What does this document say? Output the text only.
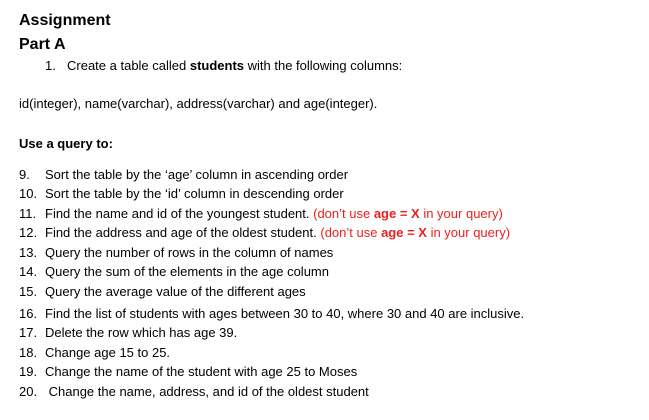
Assignment
Part A
1. Create a table called students with the following columns:
id(integer), name(varchar), address(varchar) and age(integer).
Use a query to:
9. Sort the table by the ‘age’ column in ascending order
10. Sort the table by the ‘id’ column in descending order
11. Find the name and id of the youngest student. (don’t use age = X in your query)
12. Find the address and age of the oldest student. (don’t use age = X in your query)
13. Query the number of rows in the column of names
14. Query the sum of the elements in the age column
15. Query the average value of the different ages
16. Find the list of students with ages between 30 to 40, where 30 and 40 are inclusive.
17. Delete the row which has age 39.
18. Change age 15 to 25.
19. Change the name of the student with age 25 to Moses
20. Change the name, address, and id of the oldest student
